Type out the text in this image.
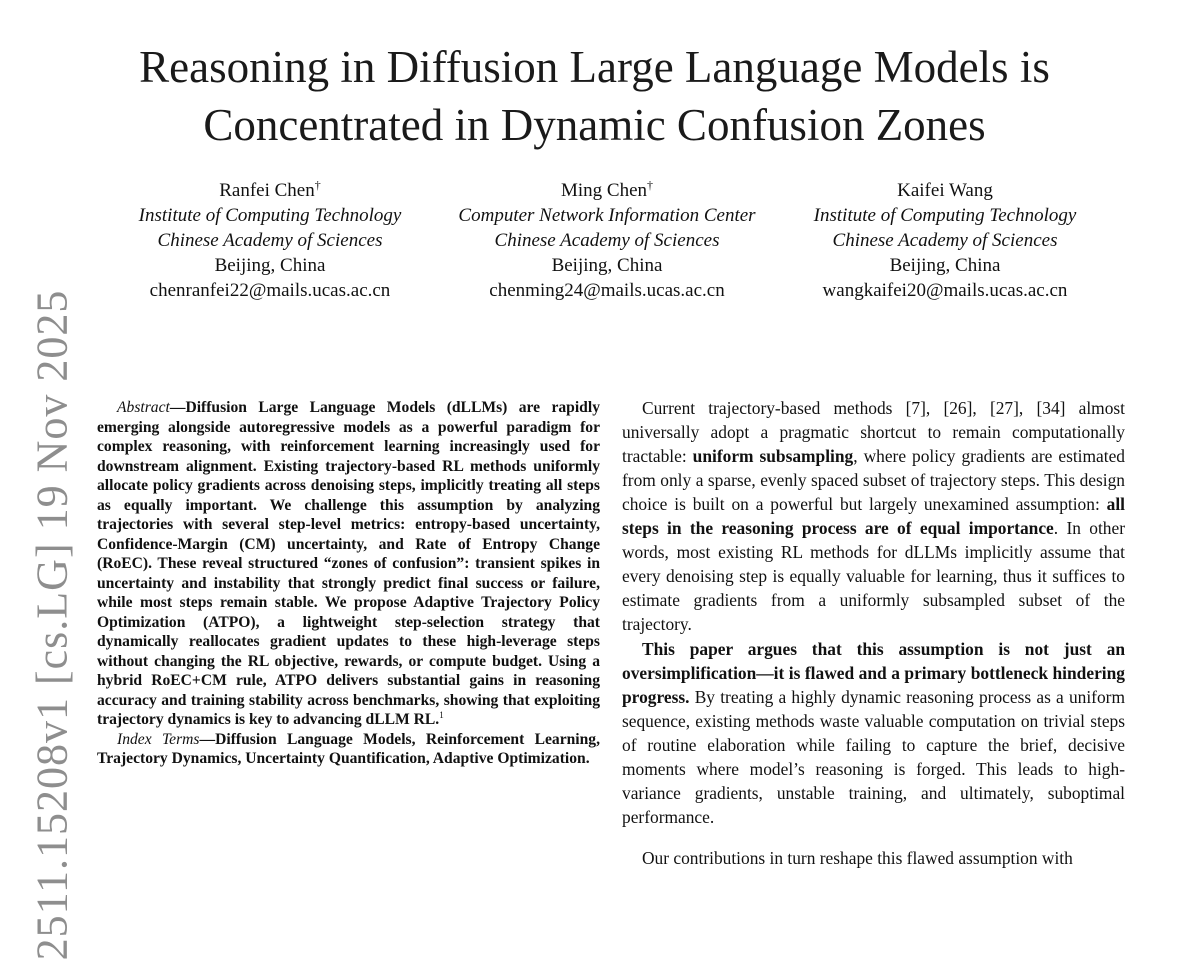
Reasoning in Diffusion Large Language Models is
Concentrated in Dynamic Confusion Zones
Ranfei Chen†
Institute of Computing Technology
Chinese Academy of Sciences
Beijing, China
chenranfei22@mails.ucas.ac.cn
Ming Chen†
Computer Network Information Center
Chinese Academy of Sciences
Beijing, China
chenming24@mails.ucas.ac.cn
Kaifei Wang
Institute of Computing Technology
Chinese Academy of Sciences
Beijing, China
wangkaifei20@mails.ucas.ac.cn
2511.15208v1 [cs.LG] 19 Nov 2025	Abstract—Diffusion Large Language Models (dLLMs) are rapidly emerging alongside autoregressive models as a powerful paradigm for complex reasoning, with reinforcement learning increasingly used for downstream alignment. Existing trajectory-based RL methods uniformly allocate policy gradients across denoising steps, implicitly treating all steps as equally important. We challenge this assumption by analyzing trajectories with several step-level metrics: entropy-based uncertainty, Confidence-Margin (CM) uncertainty, and Rate of Entropy Change (RoEC). These reveal structured “zones of confusion”: transient spikes in uncertainty and instability that strongly predict final success or failure, while most steps remain stable. We propose Adaptive Trajectory Policy Optimization (ATPO), a lightweight step-selection strategy that dynamically reallocates gradient updates to these high-leverage steps without changing the RL objective, rewards, or compute budget. Using a hybrid RoEC+CM rule, ATPO delivers substantial gains in reasoning accuracy and training stability across benchmarks, showing that exploiting trajectory dynamics is key to advancing dLLM RL.$^1$

Index Terms—Diffusion Language Models, Reinforcement Learning, Trajectory Dynamics, Uncertainty Quantification, Adaptive Optimization.

Current trajectory-based methods [7], [26], [27], [34] almost universally adopt a pragmatic shortcut to remain computationally tractable: uniform subsampling, where policy gradients are estimated from only a sparse, evenly spaced subset of trajectory steps. This design choice is built on a powerful but largely unexamined assumption: all steps in the reasoning process are of equal importance. In other words, most existing RL methods for dLLMs implicitly assume that every denoising step is equally valuable for learning, thus it suffices to estimate gradients from a uniformly subsampled subset of the trajectory.

This paper argues that this assumption is not just an oversimplification—it is flawed and a primary bottleneck hindering progress. By treating a highly dynamic reasoning process as a uniform sequence, existing methods waste valuable computation on trivial steps of routine elaboration while failing to capture the brief, decisive moments where model’s reasoning is forged. This leads to high-variance gradients, unstable training, and ultimately, suboptimal performance.

Our contributions in turn reshape this flawed assumption with
